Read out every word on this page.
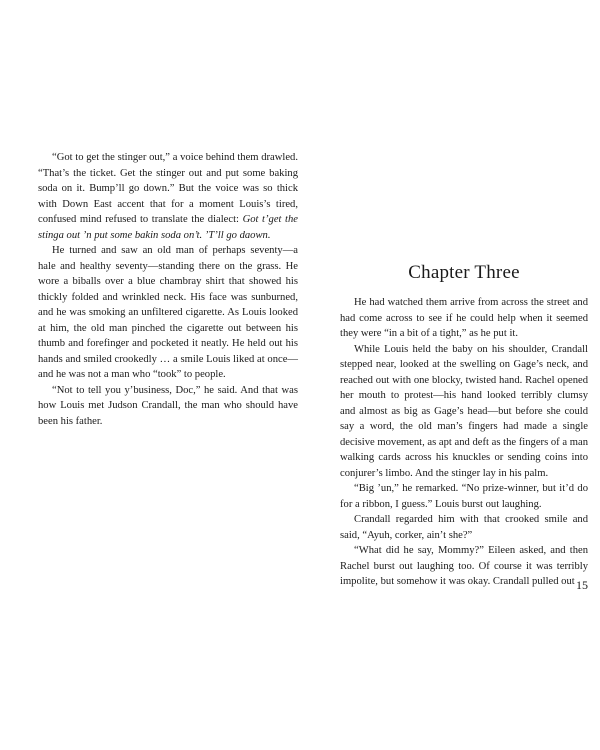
“Got to get the stinger out,” a voice behind them drawled. “That’s the ticket. Get the stinger out and put some baking soda on it. Bump’ll go down.” But the voice was so thick with Down East accent that for a moment Louis’s tired, confused mind refused to translate the dialect: Got t’get the stinga out ’n put some bakin soda on’t. ’T’ll go daown.

He turned and saw an old man of perhaps seventy—a hale and healthy seventy—standing there on the grass. He wore a biballs over a blue chambray shirt that showed his thickly folded and wrinkled neck. His face was sunburned, and he was smoking an unfiltered cigarette. As Louis looked at him, the old man pinched the cigarette out between his thumb and forefinger and pocketed it neatly. He held out his hands and smiled crookedly … a smile Louis liked at once—and he was not a man who “took” to people.

“Not to tell you y’business, Doc,” he said. And that was how Louis met Judson Crandall, the man who should have been his father.

Chapter Three

He had watched them arrive from across the street and had come across to see if he could help when it seemed they were “in a bit of a tight,” as he put it.

While Louis held the baby on his shoulder, Crandall stepped near, looked at the swelling on Gage’s neck, and reached out with one blocky, twisted hand. Rachel opened her mouth to protest—his hand looked terribly clumsy and almost as big as Gage’s head—but before she could say a word, the old man’s fingers had made a single decisive movement, as apt and deft as the fingers of a man walking cards across his knuckles or sending coins into conjurer’s limbo. And the stinger lay in his palm.

“Big ’un,” he remarked. “No prize-winner, but it’d do for a ribbon, I guess.” Louis burst out laughing.

Crandall regarded him with that crooked smile and said, “Ayuh, corker, ain’t she?”

“What did he say, Mommy?” Eileen asked, and then Rachel burst out laughing too. Of course it was terribly impolite, but somehow it was okay. Crandall pulled out 15
